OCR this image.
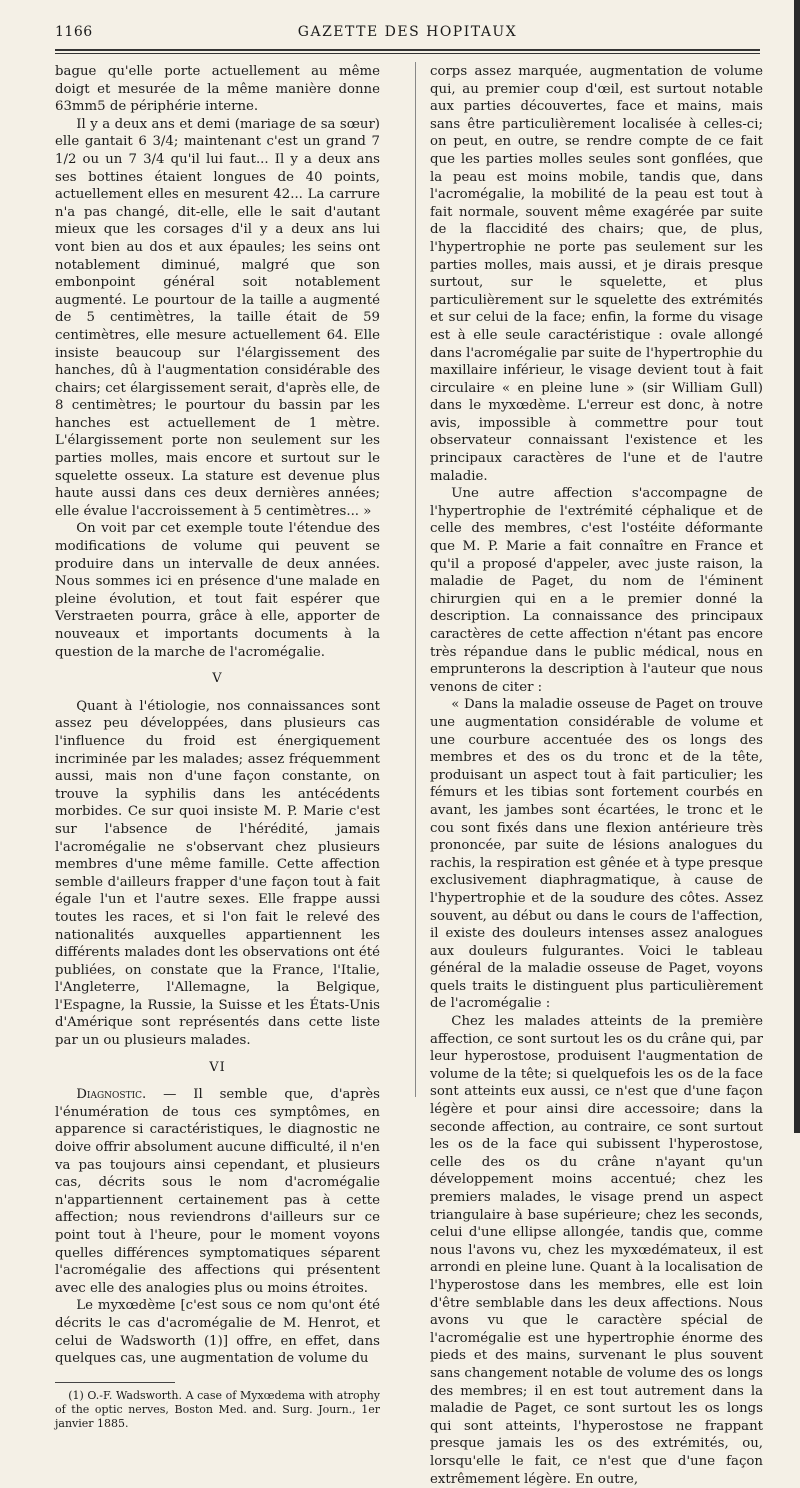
1166	GAZETTE DES HOPITAUX

bague qu'elle porte actuellement au même doigt et mesurée de la même manière donne 63mm5 de périphérie interne.

Il y a deux ans et demi (mariage de sa sœur) elle gantait 6 3/4; maintenant c'est un grand 7 1/2 ou un 7 3/4 qu'il lui faut... Il y a deux ans ses bottines étaient longues de 40 points, actuellement elles en mesurent 42... La carrure n'a pas changé, dit-elle, elle le sait d'autant mieux que les corsages d'il y a deux ans lui vont bien au dos et aux épaules; les seins ont notablement diminué, malgré que son embonpoint général soit notablement augmenté. Le pourtour de la taille a augmenté de 5 centimètres, la taille était de 59 centimètres, elle mesure actuellement 64. Elle insiste beaucoup sur l'élargissement des hanches, dû à l'augmentation considérable des chairs; cet élargissement serait, d'après elle, de 8 centimètres; le pourtour du bassin par les hanches est actuellement de 1 mètre. L'élargissement porte non seulement sur les parties molles, mais encore et surtout sur le squelette osseux. La stature est devenue plus haute aussi dans ces deux dernières années; elle évalue l'accroissement à 5 centimètres... »

On voit par cet exemple toute l'étendue des modifications de volume qui peuvent se produire dans un intervalle de deux années. Nous sommes ici en présence d'une malade en pleine évolution, et tout fait espérer que Verstraeten pourra, grâce à elle, apporter de nouveaux et importants documents à la question de la marche de l'acromégalie.

V

Quant à l'étiologie, nos connaissances sont assez peu développées, dans plusieurs cas l'influence du froid est énergiquement incriminée par les malades; assez fréquemment aussi, mais non d'une façon constante, on trouve la syphilis dans les antécédents morbides. Ce sur quoi insiste M. P. Marie c'est sur l'absence de l'hérédité, jamais l'acromégalie ne s'observant chez plusieurs membres d'une même famille. Cette affection semble d'ailleurs frapper d'une façon tout à fait égale l'un et l'autre sexes. Elle frappe aussi toutes les races, et si l'on fait le relevé des nationalités auxquelles appartiennent les différents malades dont les observations ont été publiées, on constate que la France, l'Italie, l'Angleterre, l'Allemagne, la Belgique, l'Espagne, la Russie, la Suisse et les États-Unis d'Amérique sont représentés dans cette liste par un ou plusieurs malades.

VI

Diagnostic. — Il semble que, d'après l'énumération de tous ces symptômes, en apparence si caractéristiques, le diagnostic ne doive offrir absolument aucune difficulté, il n'en va pas toujours ainsi cependant, et plusieurs cas, décrits sous le nom d'acromégalie n'appartiennent certainement pas à cette affection; nous reviendrons d'ailleurs sur ce point tout à l'heure, pour le moment voyons quelles différences symptomatiques séparent l'acromégalie des affections qui présentent avec elle des analogies plus ou moins étroites.

Le myxœdème [c'est sous ce nom qu'ont été décrits le cas d'acromégalie de M. Henrot, et celui de Wadsworth (1)] offre, en effet, dans quelques cas, une augmentation de volume du

(1) O.-F. Wadsworth. A case of Myxœdema with atrophy of the optic nerves, Boston Med. and. Surg. Journ., 1er janvier 1885.

corps assez marquée, augmentation de volume qui, au premier coup d'œil, est surtout notable aux parties découvertes, face et mains, mais sans être particulièrement localisée à celles-ci; on peut, en outre, se rendre compte de ce fait que les parties molles seules sont gonflées, que la peau est moins mobile, tandis que, dans l'acromégalie, la mobilité de la peau est tout à fait normale, souvent même exagérée par suite de la flaccidité des chairs; que, de plus, l'hypertrophie ne porte pas seulement sur les parties molles, mais aussi, et je dirais presque surtout, sur le squelette, et plus particulièrement sur le squelette des extrémités et sur celui de la face; enfin, la forme du visage est à elle seule caractéristique : ovale allongé dans l'acromégalie par suite de l'hypertrophie du maxillaire inférieur, le visage devient tout à fait circulaire « en pleine lune » (sir William Gull) dans le myxœdème. L'erreur est donc, à notre avis, impossible à commettre pour tout observateur connaissant l'existence et les principaux caractères de l'une et de l'autre maladie.

Une autre affection s'accompagne de l'hypertrophie de l'extrémité céphalique et de celle des membres, c'est l'ostéite déformante que M. P. Marie a fait connaître en France et qu'il a proposé d'appeler, avec juste raison, la maladie de Paget, du nom de l'éminent chirurgien qui en a le premier donné la description. La connaissance des principaux caractères de cette affection n'étant pas encore très répandue dans le public médical, nous en emprunterons la description à l'auteur que nous venons de citer :

« Dans la maladie osseuse de Paget on trouve une augmentation considérable de volume et une courbure accentuée des os longs des membres et des os du tronc et de la tête, produisant un aspect tout à fait particulier; les fémurs et les tibias sont fortement courbés en avant, les jambes sont écartées, le tronc et le cou sont fixés dans une flexion antérieure très prononcée, par suite de lésions analogues du rachis, la respiration est gênée et à type presque exclusivement diaphragmatique, à cause de l'hypertrophie et de la soudure des côtes. Assez souvent, au début ou dans le cours de l'affection, il existe des douleurs intenses assez analogues aux douleurs fulgurantes. Voici le tableau général de la maladie osseuse de Paget, voyons quels traits le distinguent plus particulièrement de l'acromégalie :

Chez les malades atteints de la première affection, ce sont surtout les os du crâne qui, par leur hyperostose, produisent l'augmentation de volume de la tête; si quelquefois les os de la face sont atteints eux aussi, ce n'est que d'une façon légère et pour ainsi dire accessoire; dans la seconde affection, au contraire, ce sont surtout les os de la face qui subissent l'hyperostose, celle des os du crâne n'ayant qu'un développement moins accentué; chez les premiers malades, le visage prend un aspect triangulaire à base supérieure; chez les seconds, celui d'une ellipse allongée, tandis que, comme nous l'avons vu, chez les myxœdémateux, il est arrondi en pleine lune. Quant à la localisation de l'hyperostose dans les membres, elle est loin d'être semblable dans les deux affections. Nous avons vu que le caractère spécial de l'acromégalie est une hypertrophie énorme des pieds et des mains, survenant le plus souvent sans changement notable de volume des os longs des membres; il en est tout autrement dans la maladie de Paget, ce sont surtout les os longs qui sont atteints, l'hyperostose ne frappant presque jamais les os des extrémités, ou, lorsqu'elle le fait, ce n'est que d'une façon extrêmement légère. En outre,
